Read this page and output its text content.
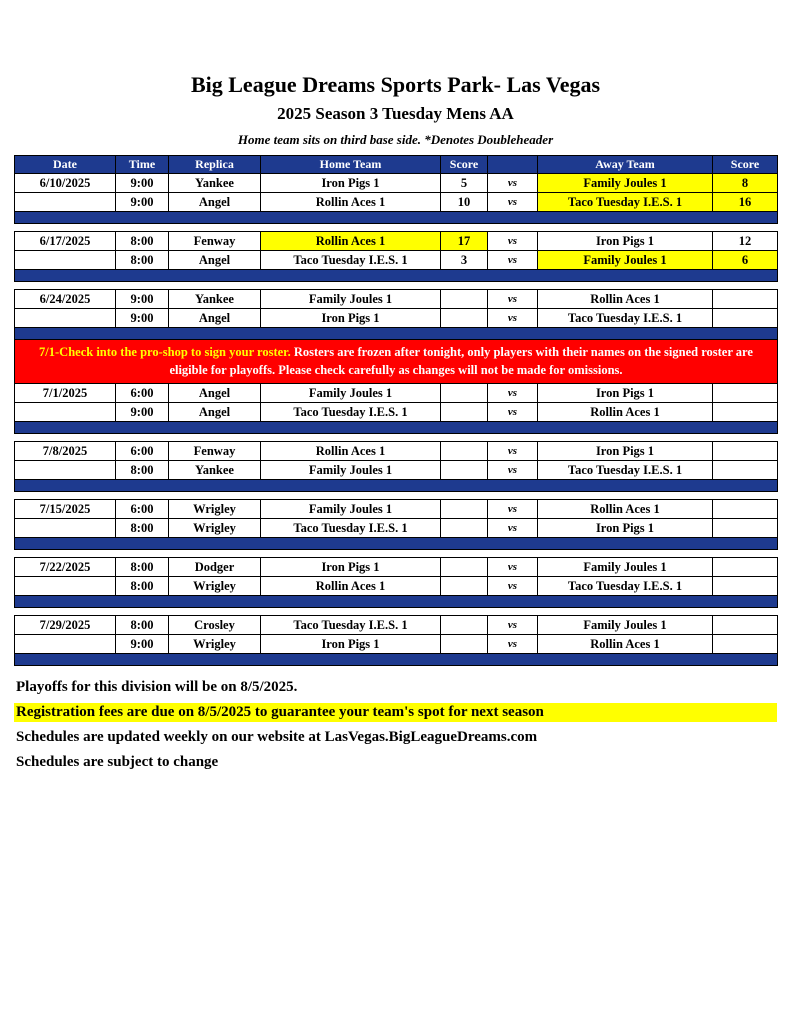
Big League Dreams Sports Park- Las Vegas
2025 Season 3 Tuesday Mens AA
Home team sits on third base side. *Denotes Doubleheader
Date	Time	Replica	Home Team	Score		Away Team	Score
6/10/2025	9:00	Yankee	Iron Pigs 1	5	vs	Family Joules 1	8
	9:00	Angel	Rollin Aces 1	10	vs	Taco Tuesday I.E.S. 1	16

6/17/2025	8:00	Fenway	Rollin Aces 1	17	vs	Iron Pigs 1	12
	8:00	Angel	Taco Tuesday I.E.S. 1	3	vs	Family Joules 1	6

6/24/2025	9:00	Yankee	Family Joules 1		vs	Rollin Aces 1	
	9:00	Angel	Iron Pigs 1		vs	Taco Tuesday I.E.S. 1	

7/1-Check into the pro-shop to sign your roster. Rosters are frozen after tonight, only players with their names on the signed roster are eligible for playoffs. Please check carefully as changes will not be made for omissions.							
7/1/2025	6:00	Angel	Family Joules 1		vs	Iron Pigs 1	
	9:00	Angel	Taco Tuesday I.E.S. 1		vs	Rollin Aces 1	

7/8/2025	6:00	Fenway	Rollin Aces 1		vs	Iron Pigs 1	
	8:00	Yankee	Family Joules 1		vs	Taco Tuesday I.E.S. 1	

7/15/2025	6:00	Wrigley	Family Joules 1		vs	Rollin Aces 1	
	8:00	Wrigley	Taco Tuesday I.E.S. 1		vs	Iron Pigs 1	

7/22/2025	8:00	Dodger	Iron Pigs 1		vs	Family Joules 1	
	8:00	Wrigley	Rollin Aces 1		vs	Taco Tuesday I.E.S. 1	

7/29/2025	8:00	Crosley	Taco Tuesday I.E.S. 1		vs	Family Joules 1	
	9:00	Wrigley	Iron Pigs 1		vs	Rollin Aces 1	

Playoffs for this division will be on 8/5/2025.
Registration fees are due on 8/5/2025 to guarantee your team's spot for next season
Schedules are updated weekly on our website at LasVegas.BigLeagueDreams.com
Schedules are subject to change
